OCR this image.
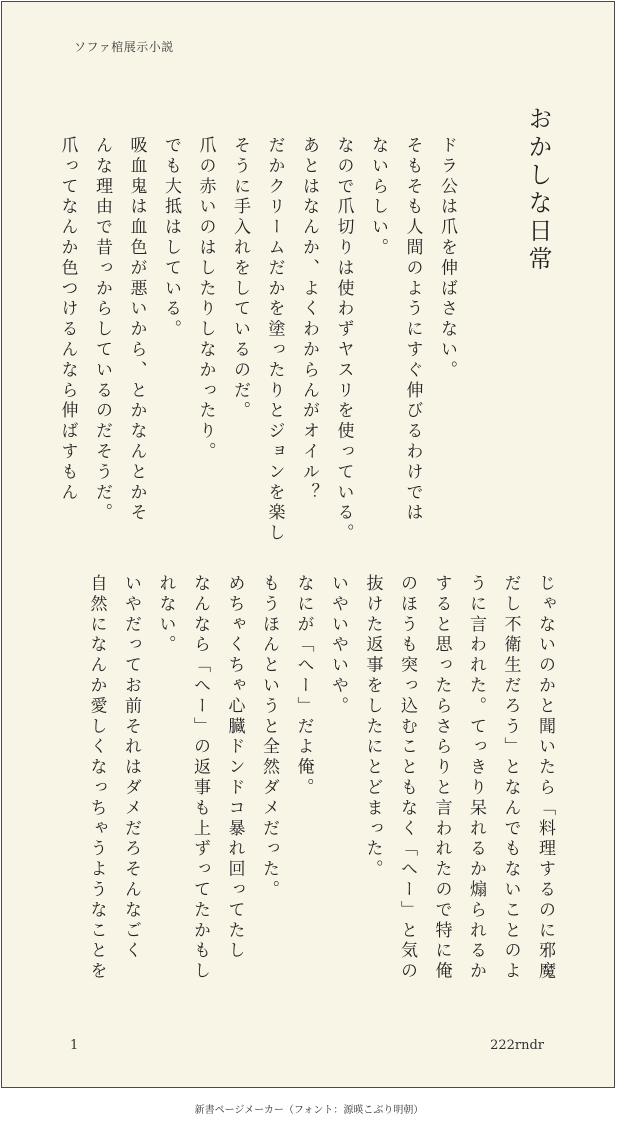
ソファ棺展示小説
おかしな日常
ドラ公は爪を伸ばさない。
そもそも人間のようにすぐ伸びるわけでは
ないらしい。
なので爪切りは使わずヤスリを使っている。
あとはなんか、よくわからんがオイル？
だかクリームだかを塗ったりとジョンを楽し
そうに手入れをしているのだ。
爪の赤いのはしたりしなかったり。
でも大抵はしている。
吸血鬼は血色が悪いから、とかなんとかそ
んな理由で昔っからしているのだそうだ。
爪ってなんか色つけるんなら伸ばすもん
じゃないのかと聞いたら「料理するのに邪魔
だし不衛生だろう」となんでもないことのよ
うに言われた。てっきり呆れるか煽られるか
すると思ったらさらりと言われたので特に俺
のほうも突っ込むこともなく「へー」と気の
抜けた返事をしたにとどまった。
いやいやいや。
なにが「へー」だよ俺。
もうほんというと全然ダメだった。
めちゃくちゃ心臓ドンドコ暴れ回ってたし
なんなら「へー」の返事も上ずってたかもし
れない。
いやだってお前それはダメだろそんなごく
自然になんか愛しくなっちゃうようなことを
1	222rndr
新書ページメーカー（フォント：源暎こぶり明朝）
